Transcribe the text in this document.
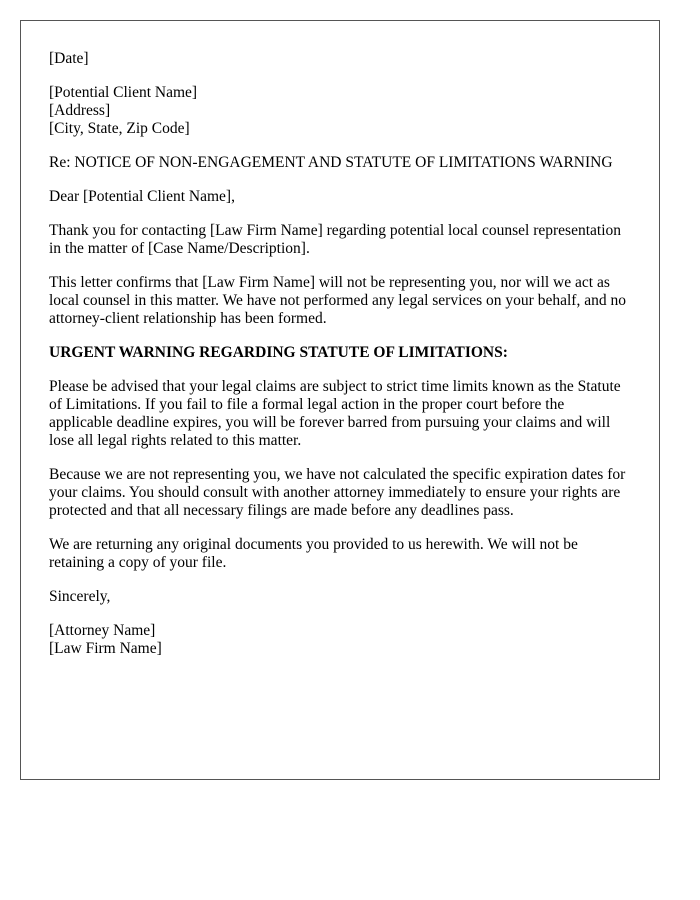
[Date]

[Potential Client Name]
[Address]
[City, State, Zip Code]

Re: NOTICE OF NON-ENGAGEMENT AND STATUTE OF LIMITATIONS WARNING

Dear [Potential Client Name],

Thank you for contacting [Law Firm Name] regarding potential local counsel representation in the matter of [Case Name/Description].

This letter confirms that [Law Firm Name] will not be representing you, nor will we act as local counsel in this matter. We have not performed any legal services on your behalf, and no attorney-client relationship has been formed.

URGENT WARNING REGARDING STATUTE OF LIMITATIONS:

Please be advised that your legal claims are subject to strict time limits known as the Statute of Limitations. If you fail to file a formal legal action in the proper court before the applicable deadline expires, you will be forever barred from pursuing your claims and will lose all legal rights related to this matter.

Because we are not representing you, we have not calculated the specific expiration dates for your claims. You should consult with another attorney immediately to ensure your rights are protected and that all necessary filings are made before any deadlines pass.

We are returning any original documents you provided to us herewith. We will not be retaining a copy of your file.

Sincerely,

[Attorney Name]
[Law Firm Name]
